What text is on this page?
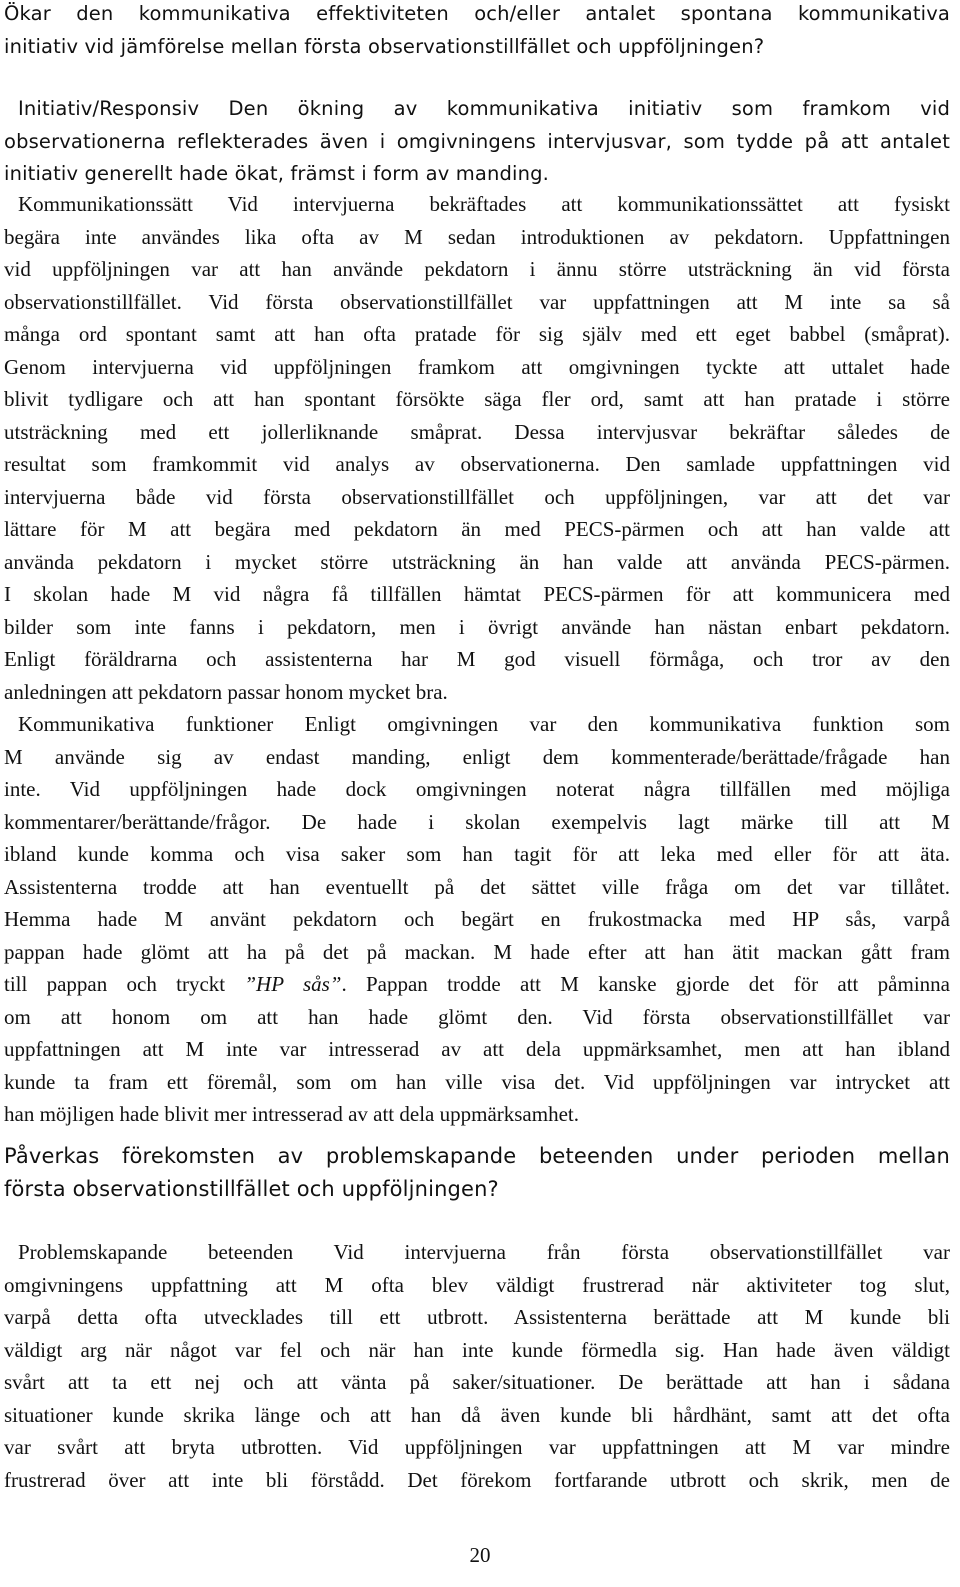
Ökar den kommunikativa effektiviteten och/eller antalet spontana kommunikativa
initiativ vid jämförelse mellan första observationstillfället och uppföljningen?
Initiativ/Responsiv Den ökning av kommunikativa initiativ som framkom vid
observationerna reflekterades även i omgivningens intervjusvar, som tydde på att antalet
initiativ generellt hade ökat, främst i form av manding.
Kommunikationssätt Vid intervjuerna bekräftades att kommunikationssättet att fysiskt
begära inte användes lika ofta av M sedan introduktionen av pekdatorn. Uppfattningen
vid uppföljningen var att han använde pekdatorn i ännu större utsträckning än vid första
observationstillfället. Vid första observationstillfället var uppfattningen att M inte sa så
många ord spontant samt att han ofta pratade för sig själv med ett eget babbel (småprat).
Genom intervjuerna vid uppföljningen framkom att omgivningen tyckte att uttalet hade
blivit tydligare och att han spontant försökte säga fler ord, samt att han pratade i större
utsträckning med ett jollerliknande småprat. Dessa intervjusvar bekräftar således de
resultat som framkommit vid analys av observationerna. Den samlade uppfattningen vid
intervjuerna både vid första observationstillfället och uppföljningen, var att det var
lättare för M att begära med pekdatorn än med PECS-pärmen och att han valde att
använda pekdatorn i mycket större utsträckning än han valde att använda PECS-pärmen.
I skolan hade M vid några få tillfällen hämtat PECS-pärmen för att kommunicera med
bilder som inte fanns i pekdatorn, men i övrigt använde han nästan enbart pekdatorn.
Enligt föräldrarna och assistenterna har M god visuell förmåga, och tror av den
anledningen att pekdatorn passar honom mycket bra.
Kommunikativa funktioner Enligt omgivningen var den kommunikativa funktion som
M använde sig av endast manding, enligt dem kommenterade/berättade/frågade han
inte. Vid uppföljningen hade dock omgivningen noterat några tillfällen med möjliga
kommentarer/berättande/frågor. De hade i skolan exempelvis lagt märke till att M
ibland kunde komma och visa saker som han tagit för att leka med eller för att äta.
Assistenterna trodde att han eventuellt på det sättet ville fråga om det var tillåtet.
Hemma hade M använt pekdatorn och begärt en frukostmacka med HP sås, varpå
pappan hade glömt att ha på det på mackan. M hade efter att han ätit mackan gått fram
till pappan och tryckt ”HP sås”. Pappan trodde att M kanske gjorde det för att påminna
om att honom om att han hade glömt den. Vid första observationstillfället var
uppfattningen att M inte var intresserad av att dela uppmärksamhet, men att han ibland
kunde ta fram ett föremål, som om han ville visa det. Vid uppföljningen var intrycket att
han möjligen hade blivit mer intresserad av att dela uppmärksamhet.
Påverkas förekomsten av problemskapande beteenden under perioden mellan
första observationstillfället och uppföljningen?
Problemskapande beteenden Vid intervjuerna från första observationstillfället var
omgivningens uppfattning att M ofta blev väldigt frustrerad när aktiviteter tog slut,
varpå detta ofta utvecklades till ett utbrott. Assistenterna berättade att M kunde bli
väldigt arg när något var fel och när han inte kunde förmedla sig. Han hade även väldigt
svårt att ta ett nej och att vänta på saker/situationer. De berättade att han i sådana
situationer kunde skrika länge och att han då även kunde bli hårdhänt, samt att det ofta
var svårt att bryta utbrotten. Vid uppföljningen var uppfattningen att M var mindre
frustrerad över att inte bli förstådd. Det förekom fortfarande utbrott och skrik, men de
20
